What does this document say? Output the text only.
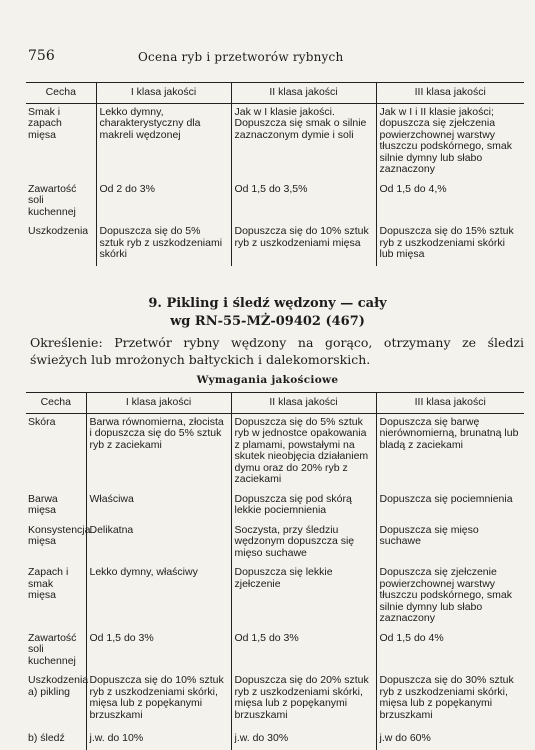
756	Ocena ryb i przetworów rybnych
Cecha	I klasa jakości	II klasa jakości	III klasa jakości
Smak i zapach mięsa	Lekko dymny, charakterystyczny dla makreli wędzonej	Jak w I klasie jakości. Dopuszcza się smak o silnie zaznaczonym dymie i soli	Jak w I i II klasie jakości; dopuszcza się zjełczenia powierzchownej warstwy tłuszczu podskórnego, smak silnie dymny lub słabo zaznaczony
Zawartość soli kuchennej	Od 2 do 3%	Od 1,5 do 3,5%	Od 1,5 do 4,%
Uszkodzenia	Dopuszcza się do 5% sztuk ryb z uszkodzeniami skórki	Dopuszcza się do 10% sztuk ryb z uszkodzeniami mięsa	Dopuszcza się do 15% sztuk ryb z uszkodzeniami skórki lub mięsa
9. Pikling i śledź wędzony — cały
wg RN-55-MŻ-09402 (467)
Określenie: Przetwór rybny wędzony na gorąco, otrzymany ze śledzi świeżych lub mrożonych bałtyckich i dalekomorskich.
Wymagania jakościowe
Cecha	I klasa jakości	II klasa jakości	III klasa jakości
Skóra	Barwa równomierna, złocista i dopuszcza się do 5% sztuk ryb z zaciekami	Dopuszcza się do 5% sztuk ryb w jednostce opakowania z plamami, powstałymi na skutek nieobjęcia działaniem dymu oraz do 20% ryb z zaciekami	Dopuszcza się barwę nierównomierną, brunatną lub bladą z zaciekami
Barwa mięsa	Właściwa	Dopuszcza się pod skórą lekkie pociemnienia	Dopuszcza się pociemnienia
Konsystencja mięsa	Delikatna	Soczysta, przy śledziu wędzonym dopuszcza się mięso suchawe	Dopuszcza się mięso suchawe
Zapach i smak mięsa	Lekko dymny, właściwy	Dopuszcza się lekkie zjełczenie	Dopuszcza się zjełczenie powierzchownej warstwy tłuszczu podskórnego, smak silnie dymny lub słabo zaznaczony
Zawartość soli kuchennej	Od 1,5 do 3%	Od 1,5 do 3%	Od 1,5 do 4%
Uszkodzenia a) pikling	Dopuszcza się do 10% sztuk ryb z uszkodzeniami skórki, mięsa lub z popękanymi brzuszkami	Dopuszcza się do 20% sztuk ryb z uszkodzeniami skórki, mięsa lub z popękanymi brzuszkami	Dopuszcza się do 30% sztuk ryb z uszkodzeniami skórki, mięsa lub z popękanymi brzuszkami
b) śledź	j.w. do 10%	j.w. do 30%	j.w do 60%
